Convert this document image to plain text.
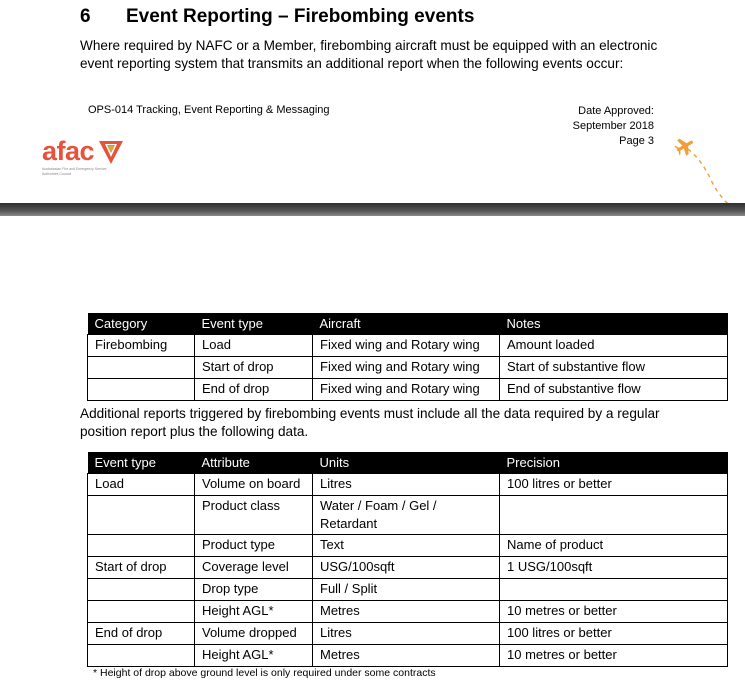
6 Event Reporting – Firebombing events
Where required by NAFC or a Member, firebombing aircraft must be equipped with an electronic event reporting system that transmits an additional report when the following events occur:
OPS-014 Tracking, Event Reporting & Messaging	Date Approved:
September 2018
Page 3
afac
Australasian Fire and Emergency Service Authorities Council
Category	Event type	Aircraft	Notes
Firebombing	Load	Fixed wing and Rotary wing	Amount loaded
	Start of drop	Fixed wing and Rotary wing	Start of substantive flow
	End of drop	Fixed wing and Rotary wing	End of substantive flow
Additional reports triggered by firebombing events must include all the data required by a regular position report plus the following data.
Event type	Attribute	Units	Precision
Load	Volume on board	Litres	100 litres or better
	Product class	Water / Foam / Gel / Retardant	
	Product type	Text	Name of product
Start of drop	Coverage level	USG/100sqft	1 USG/100sqft
	Drop type	Full / Split	
	Height AGL*	Metres	10 metres or better
End of drop	Volume dropped	Litres	100 litres or better
	Height AGL*	Metres	10 metres or better
* Height of drop above ground level is only required under some contracts
